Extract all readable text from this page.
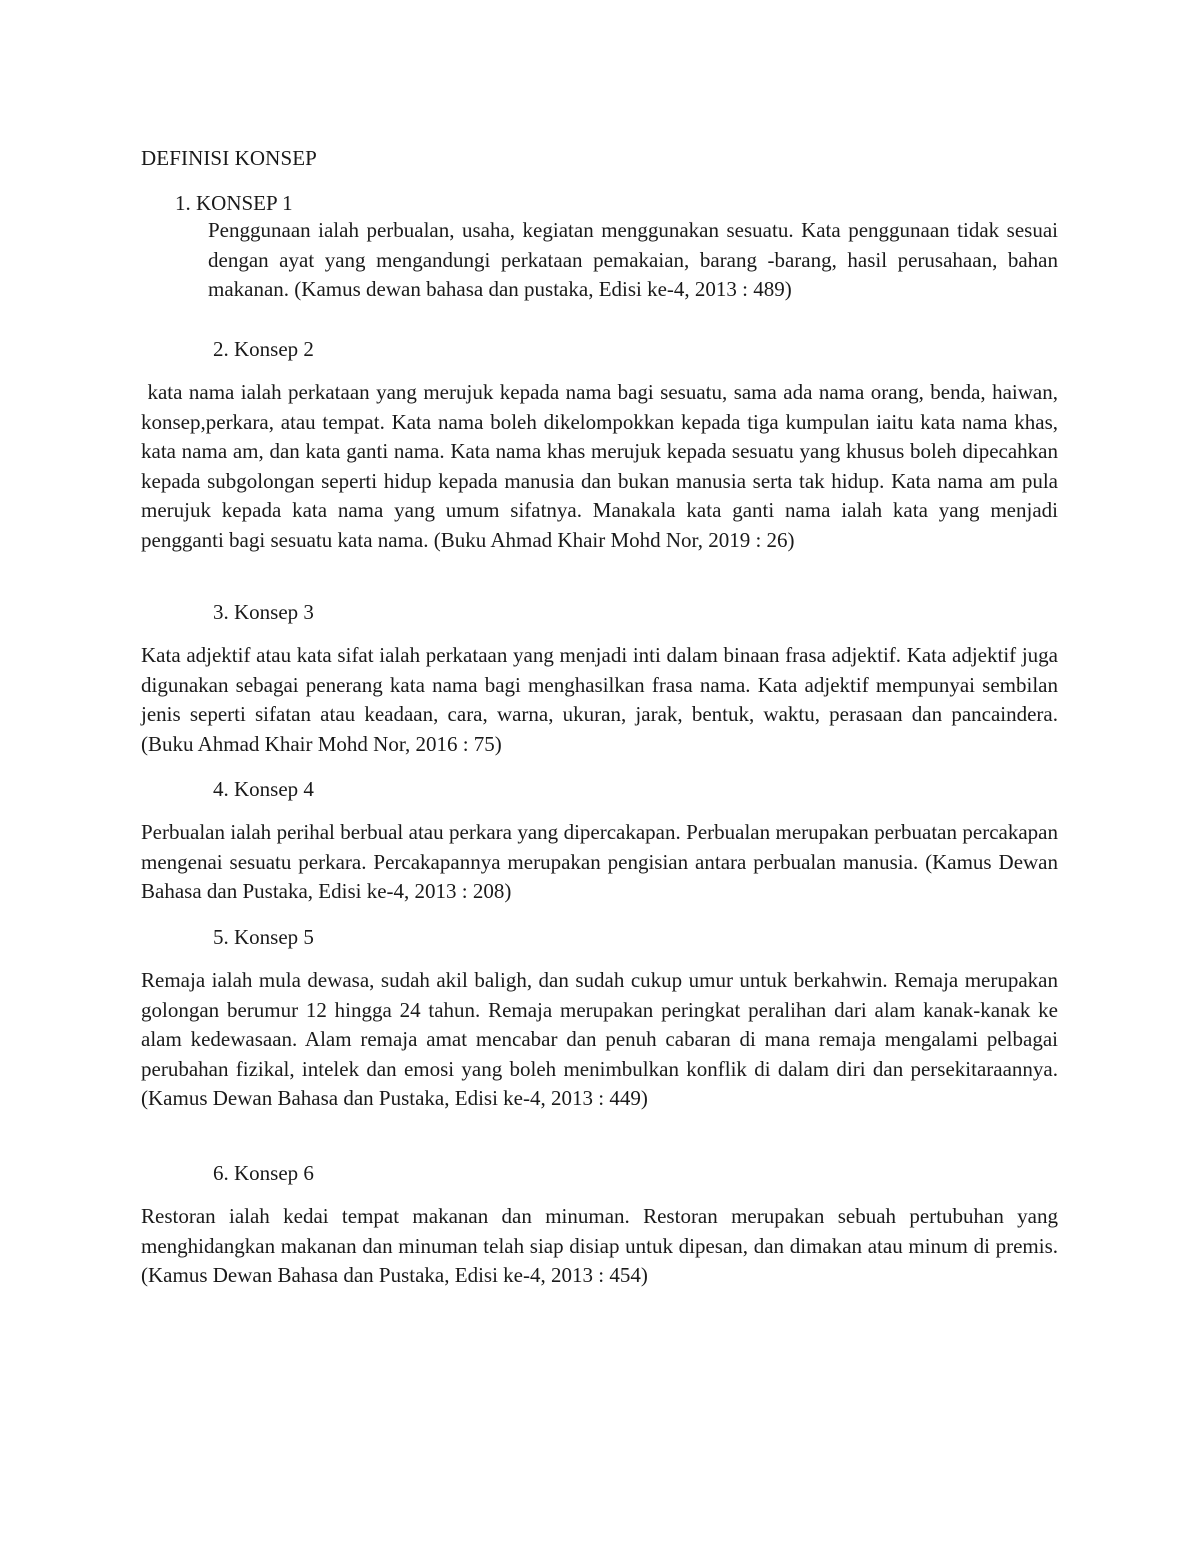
DEFINISI KONSEP
1. KONSEP 1
Penggunaan ialah perbualan, usaha, kegiatan menggunakan sesuatu. Kata penggunaan tidak sesuai dengan ayat yang mengandungi perkataan pemakaian, barang -barang, hasil perusahaan, bahan makanan. (Kamus dewan bahasa dan pustaka, Edisi ke-4, 2013 : 489)
2. Konsep 2
kata nama ialah perkataan yang merujuk kepada nama bagi sesuatu, sama ada nama orang, benda, haiwan, konsep,perkara, atau tempat. Kata nama boleh dikelompokkan kepada tiga kumpulan iaitu kata nama khas, kata nama am, dan kata ganti nama. Kata nama khas merujuk kepada sesuatu yang khusus boleh dipecahkan kepada subgolongan seperti hidup kepada manusia dan bukan manusia serta tak hidup. Kata nama am pula merujuk kepada kata nama yang umum sifatnya. Manakala kata ganti nama ialah kata yang menjadi pengganti bagi sesuatu kata nama. (Buku Ahmad Khair Mohd Nor, 2019 : 26)
3. Konsep 3
Kata adjektif atau kata sifat ialah perkataan yang menjadi inti dalam binaan frasa adjektif. Kata adjektif juga digunakan sebagai penerang kata nama bagi menghasilkan frasa nama. Kata adjektif mempunyai sembilan jenis seperti sifatan atau keadaan, cara, warna, ukuran, jarak, bentuk, waktu, perasaan dan pancaindera. (Buku Ahmad Khair Mohd Nor, 2016 : 75)
4. Konsep 4
Perbualan ialah perihal berbual atau perkara yang dipercakapan. Perbualan merupakan perbuatan percakapan mengenai sesuatu perkara. Percakapannya merupakan pengisian antara perbualan manusia. (Kamus Dewan Bahasa dan Pustaka, Edisi ke-4, 2013 : 208)
5. Konsep 5
Remaja ialah mula dewasa, sudah akil baligh, dan sudah cukup umur untuk berkahwin. Remaja merupakan golongan berumur 12 hingga 24 tahun. Remaja merupakan peringkat peralihan dari alam kanak-kanak ke alam kedewasaan. Alam remaja amat mencabar dan penuh cabaran di mana remaja mengalami pelbagai perubahan fizikal, intelek dan emosi yang boleh menimbulkan konflik di dalam diri dan persekitaraannya. (Kamus Dewan Bahasa dan Pustaka, Edisi ke-4, 2013 : 449)
6. Konsep 6
Restoran ialah kedai tempat makanan dan minuman. Restoran merupakan sebuah pertubuhan yang menghidangkan makanan dan minuman telah siap disiap untuk dipesan, dan dimakan atau minum di premis. (Kamus Dewan Bahasa dan Pustaka, Edisi ke-4, 2013 : 454)
